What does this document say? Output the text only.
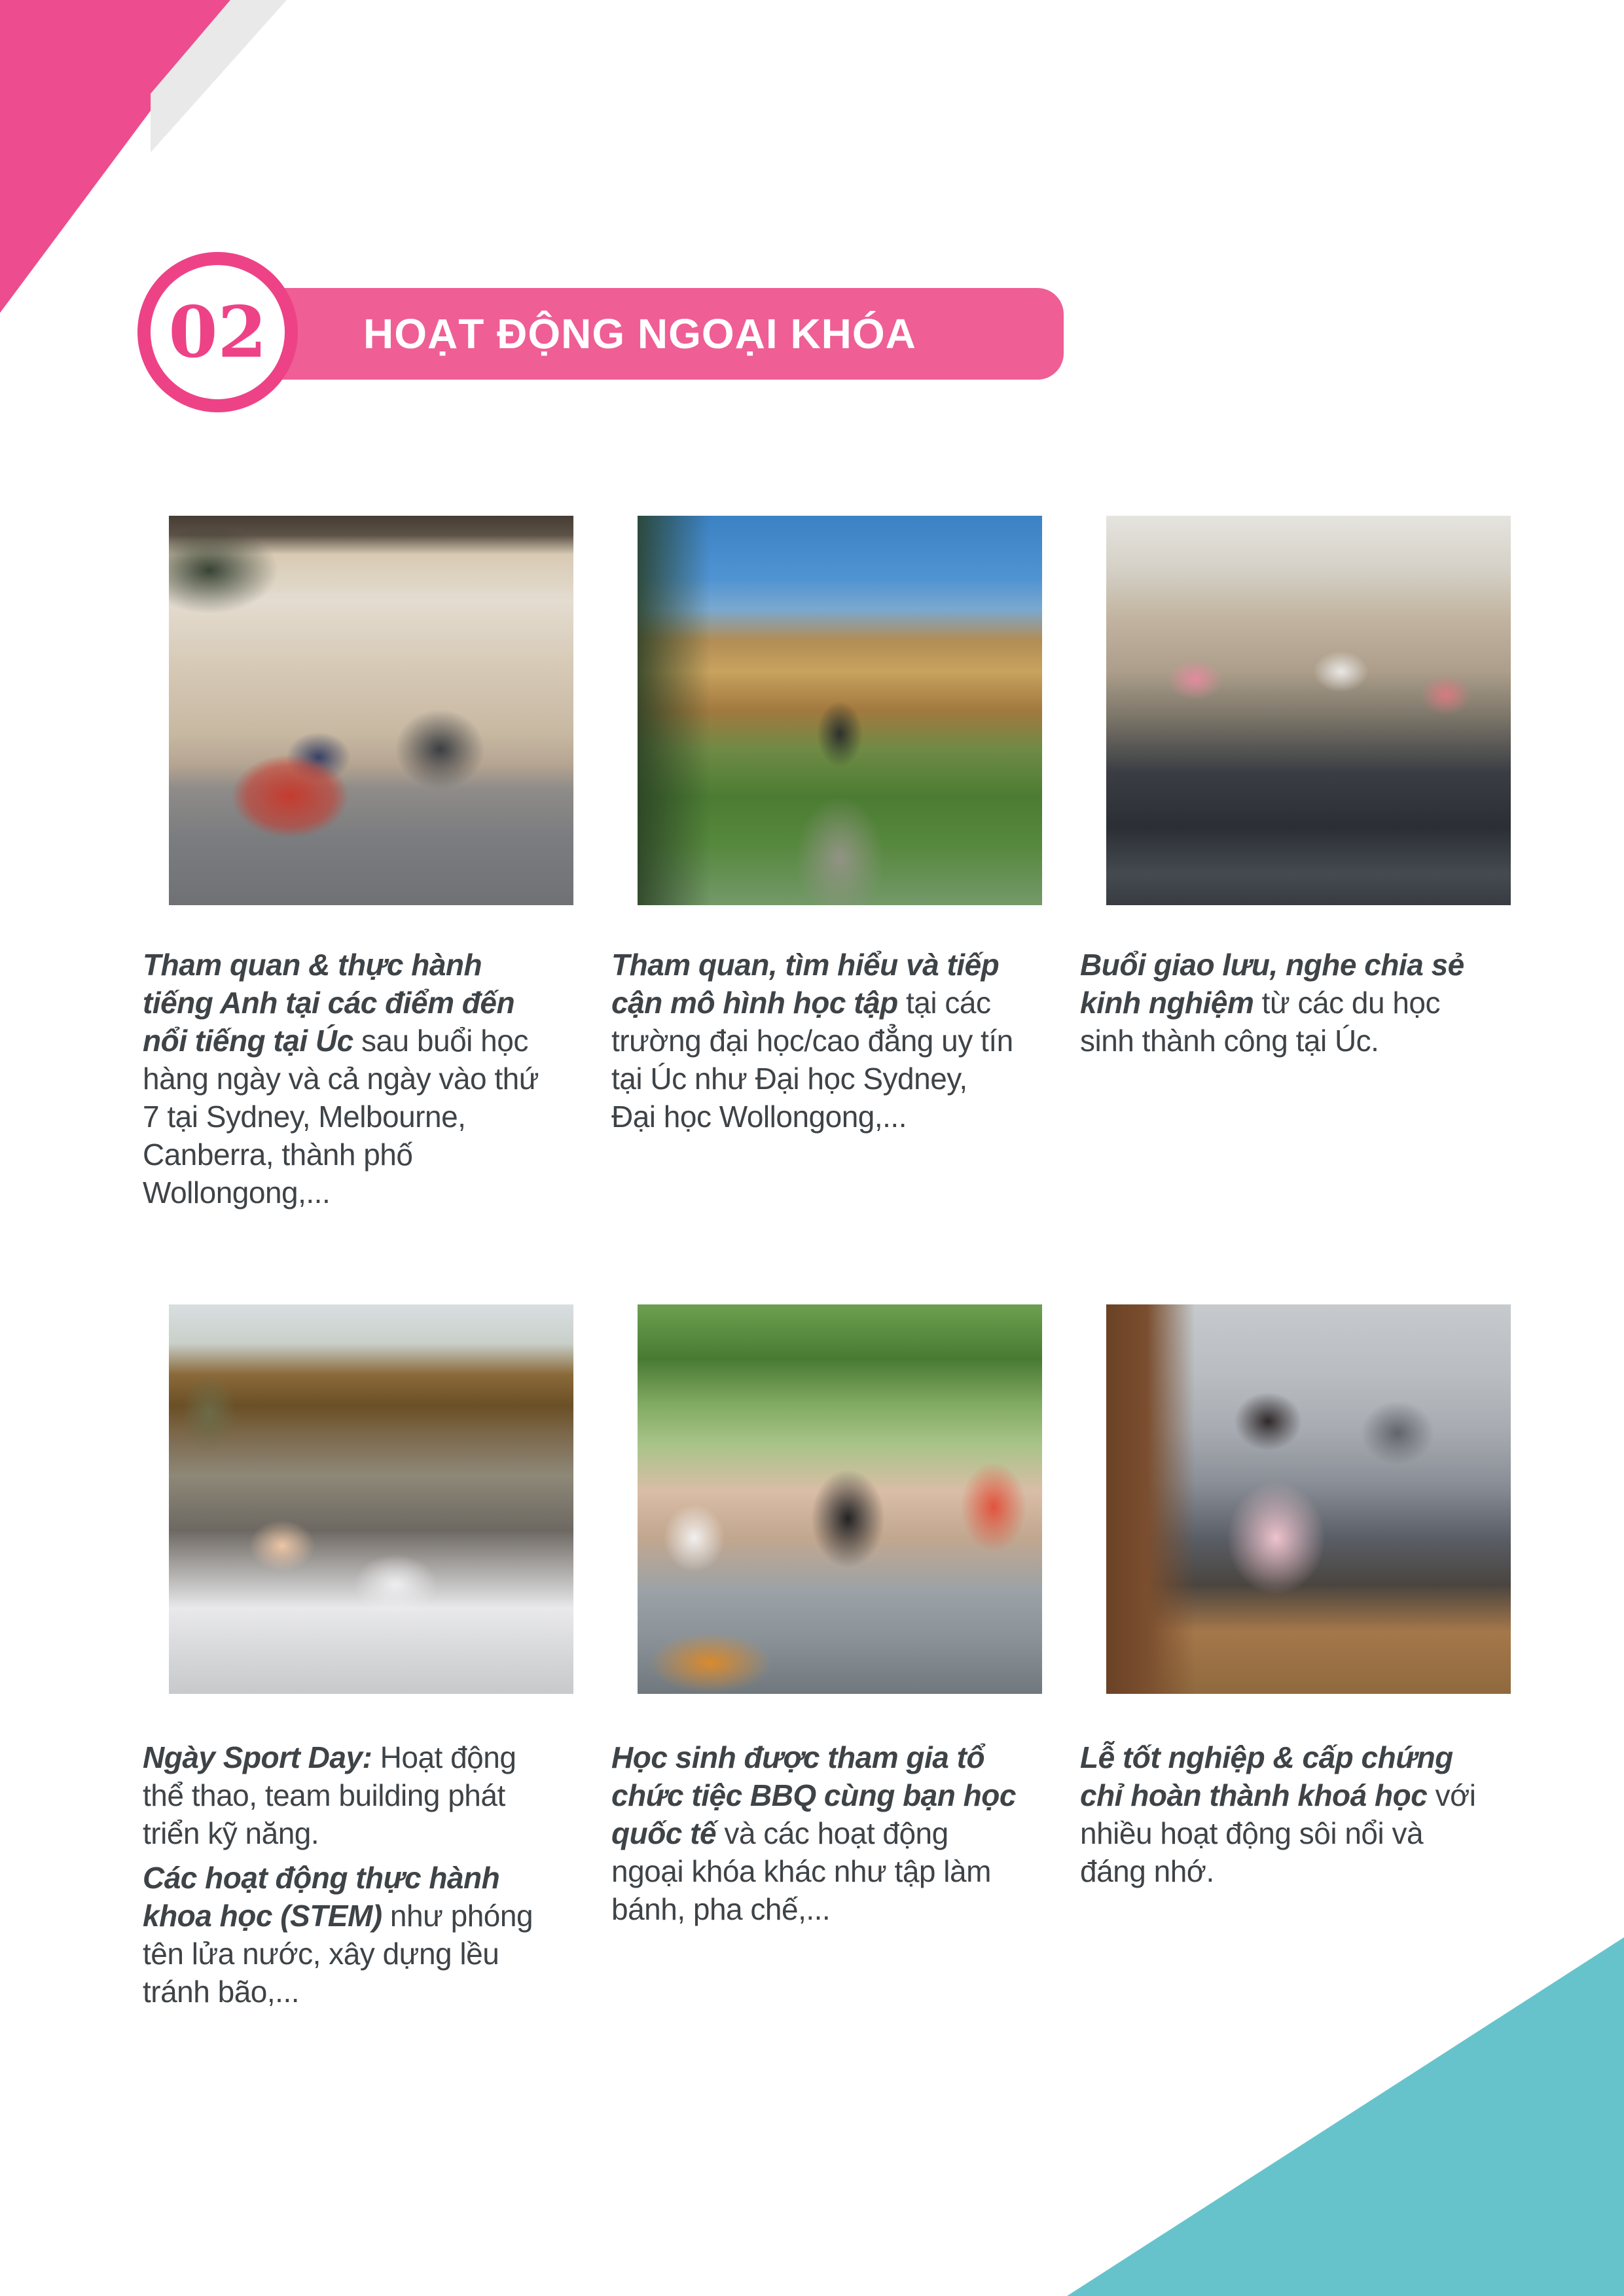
HOẠT ĐỘNG NGOẠI KHÓA
02

Tham quan & thực hành tiếng Anh tại các điểm đến nổi tiếng tại Úc sau buổi học hàng ngày và cả ngày vào thứ 7 tại Sydney, Melbourne, Canberra, thành phố Wollongong,...

Tham quan, tìm hiểu và tiếp cận mô hình học tập tại các trường đại học/cao đẳng uy tín tại Úc như Đại học Sydney, Đại học Wollongong,...

Buổi giao lưu, nghe chia sẻ kinh nghiệm từ các du học sinh thành công tại Úc.

Ngày Sport Day: Hoạt động thể thao, team building phát triển kỹ năng.

Các hoạt động thực hành khoa học (STEM) như phóng tên lửa nước, xây dựng lều tránh bão,...

Học sinh được tham gia tổ chức tiệc BBQ cùng bạn học quốc tế và các hoạt động ngoại khóa khác như tập làm bánh, pha chế,...

Lễ tốt nghiệp & cấp chứng chỉ hoàn thành khoá học với nhiều hoạt động sôi nổi và đáng nhớ.
